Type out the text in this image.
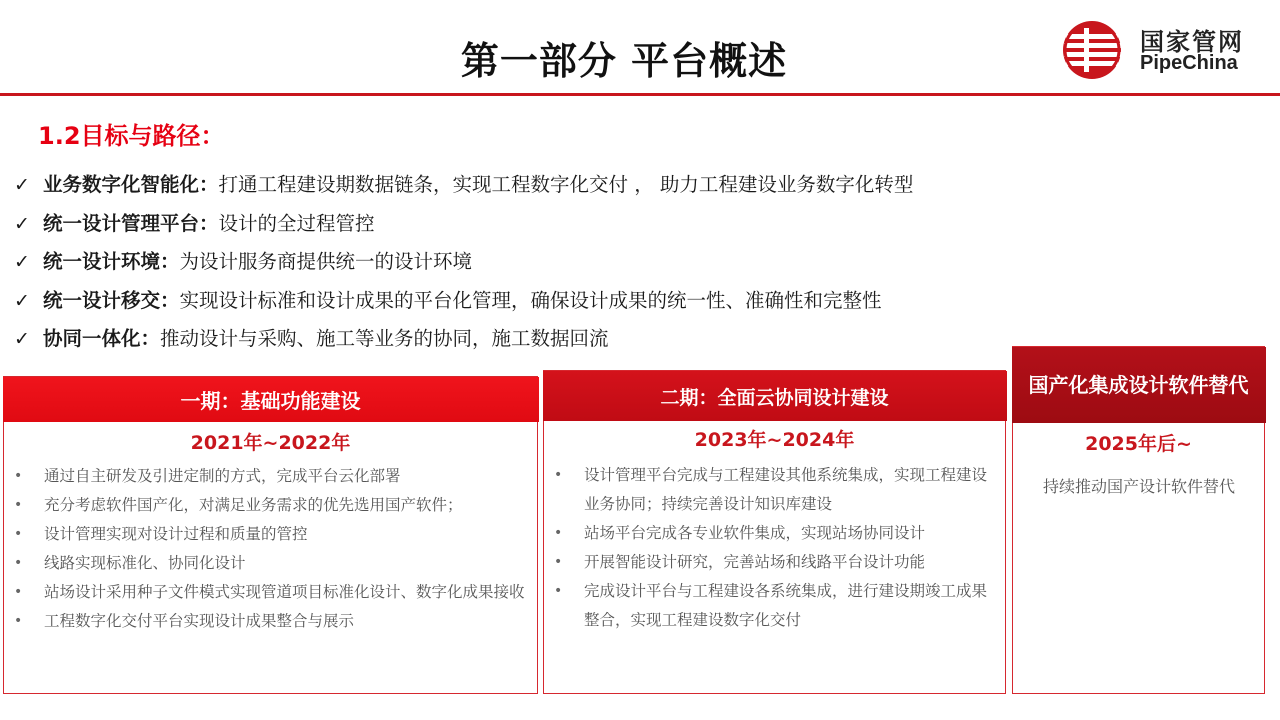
第一部分 平台概述	国家管网
PipeChina
1.2目标与路径：
✓ 业务数字化智能化：打通工程建设期数据链条，实现工程数字化交付 ， 助力工程建设业务数字化转型
✓ 统一设计管理平台：设计的全过程管控
✓ 统一设计环境：为设计服务商提供统一的设计环境
✓ 统一设计移交：实现设计标准和设计成果的平台化管理，确保设计成果的统一性、准确性和完整性
✓ 协同一体化：推动设计与采购、施工等业务的协同，施工数据回流
一期：基础功能建设
2021年~2022年
• 通过自主研发及引进定制的方式，完成平台云化部署
• 充分考虑软件国产化，对满足业务需求的优先选用国产软件；
• 设计管理实现对设计过程和质量的管控
• 线路实现标准化、协同化设计
• 站场设计采用种子文件模式实现管道项目标准化设计、数字化成果接收
• 工程数字化交付平台实现设计成果整合与展示
二期：全面云协同设计建设
2023年~2024年
• 设计管理平台完成与工程建设其他系统集成，实现工程建设业务协同；持续完善设计知识库建设
• 站场平台完成各专业软件集成，实现站场协同设计
• 开展智能设计研究，完善站场和线路平台设计功能
• 完成设计平台与工程建设各系统集成，进行建设期竣工成果整合，实现工程建设数字化交付
国产化集成设计软件替代
2025年后~
持续推动国产设计软件替代
